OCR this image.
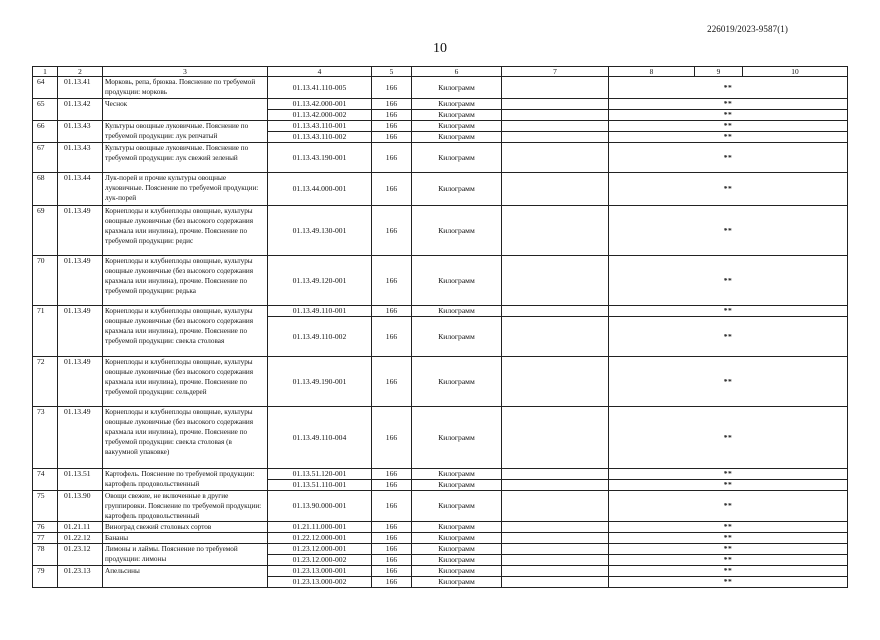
226019/2023-9587(1)
10
1	2	3	4	5	6	7	8	9	10
64	01.13.41	Морковь, репа, брюква. Пояснение по требуемой продукции: морковь	01.13.41.110-005	166	Килограмм		**		
65	01.13.42	Чеснок	01.13.42.000-001	166	Килограмм		**		
			01.13.42.000-002	166	Килограмм		**		
66	01.13.43	Культуры овощные луковичные. Пояснение по требуемой продукции: лук репчатый	01.13.43.110-001	166	Килограмм		**		
			01.13.43.110-002	166	Килограмм		**		
67	01.13.43	Культуры овощные луковичные. Пояснение по требуемой продукции: лук свежий зеленый	01.13.43.190-001	166	Килограмм		**		
68	01.13.44	Лук-порей и прочие культуры овощные луковичные. Пояснение по требуемой продукции: лук-порей	01.13.44.000-001	166	Килограмм		**		
69	01.13.49	Корнеплоды и клубнеплоды овощные, культуры овощные луковичные (без высокого содержания крахмала или инулина), прочие. Пояснение по требуемой продукции: редис	01.13.49.130-001	166	Килограмм		**		
70	01.13.49	Корнеплоды и клубнеплоды овощные, культуры овощные луковичные (без высокого содержания крахмала или инулина), прочие. Пояснение по требуемой продукции: редька	01.13.49.120-001	166	Килограмм		**		
71	01.13.49	Корнеплоды и клубнеплоды овощные, культуры овощные луковичные (без высокого содержания крахмала или инулина), прочие. Пояснение по требуемой продукции: свекла столовая	01.13.49.110-001	166	Килограмм		**		
			01.13.49.110-002	166	Килограмм		**		
72	01.13.49	Корнеплоды и клубнеплоды овощные, культуры овощные луковичные (без высокого содержания крахмала или инулина), прочие. Пояснение по требуемой продукции: сельдерей	01.13.49.190-001	166	Килограмм		**		
73	01.13.49	Корнеплоды и клубнеплоды овощные, культуры овощные луковичные (без высокого содержания крахмала или инулина), прочие. Пояснение по требуемой продукции: свекла столовая (в вакуумной упаковке)	01.13.49.110-004	166	Килограмм		**		
74	01.13.51	Картофель. Пояснение по требуемой продукции: картофель продовольственный	01.13.51.120-001	166	Килограмм		**		
			01.13.51.110-001	166	Килограмм		**		
75	01.13.90	Овощи свежие, не включенные в другие группировки. Пояснение по требуемой продукции: картофель продовольственный	01.13.90.000-001	166	Килограмм		**		
76	01.21.11	Виноград свежий столовых сортов	01.21.11.000-001	166	Килограмм		**		
77	01.22.12	Бананы	01.22.12.000-001	166	Килограмм		**		
78	01.23.12	Лимоны и лаймы. Пояснение по требуемой продукции: лимоны	01.23.12.000-001	166	Килограмм		**		
			01.23.12.000-002	166	Килограмм		**		
79	01.23.13	Апельсины	01.23.13.000-001	166	Килограмм		**		
			01.23.13.000-002	166	Килограмм		**		
